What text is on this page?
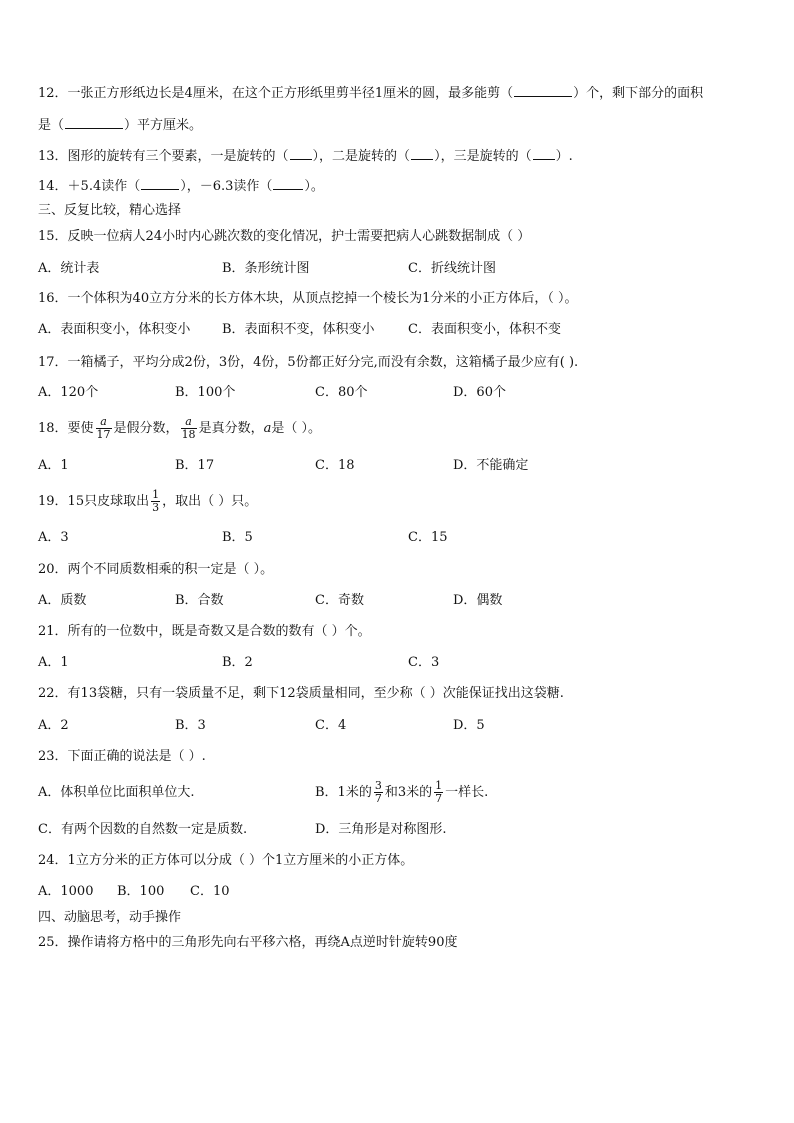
12．一张正方形纸边长是4厘米，在这个正方形纸里剪半径1厘米的圆，最多能剪（	）个，剩下部分的面积
是（	）平方厘米。
13．图形的旋转有三个要素，一是旋转的（ ），二是旋转的（ ），三是旋转的（ ）.
14．＋5.4读作（	），－6.3读作（ ）。
三、反复比较，精心选择
15．反映一位病人24小时内心跳次数的变化情况，护士需要把病人心跳数据制成（ ）
A．统计表	B．条形统计图	C．折线统计图
16．一个体积为40立方分米的长方体木块，从顶点挖掉一个棱长为1分米的小正方体后，（ ）。
A．表面积变小，体积变小 B．表面积不变，体积变小	C．表面积变小，体积不变
17．一箱橘子，平均分成2份，3份，4份，5份都正好分完,而没有余数，这箱橘子最少应有( ).
A．120个	B．100个	C．80个	D．60个
18．要使 $\frac{a}{17}$ 是假分数， $\frac{a}{18}$ 是真分数，a是（ ）。
A．1	B．17	C．18	D．不能确定
19．15只皮球取出 $\frac{1}{3}$ ，取出（ ）只。
A．3	B．5	C．15
20．两个不同质数相乘的积一定是（ ）。
A．质数	B．合数	C．奇数	D．偶数
21．所有的一位数中，既是奇数又是合数的数有（ ）个。
A．1	B．2	C．3
22．有13袋糖，只有一袋质量不足，剩下12袋质量相同，至少称（ ）次能保证找出这袋糖.
A．2	B．3	C．4	D．5
23．下面正确的说法是（ ）.
A．体积单位比面积单位大.	B．1米的 $\frac{3}{7}$ 和3米的 $\frac{1}{7}$ 一样长.
C．有两个因数的自然数一定是质数.	D．三角形是对称图形.
24．1立方分米的正方体可以分成（ ）个1立方厘米的小正方体。
A．1000 B．100 C．10
四、动脑思考，动手操作
25．操作请将方格中的三角形先向右平移六格，再绕A点逆时针旋转90度
